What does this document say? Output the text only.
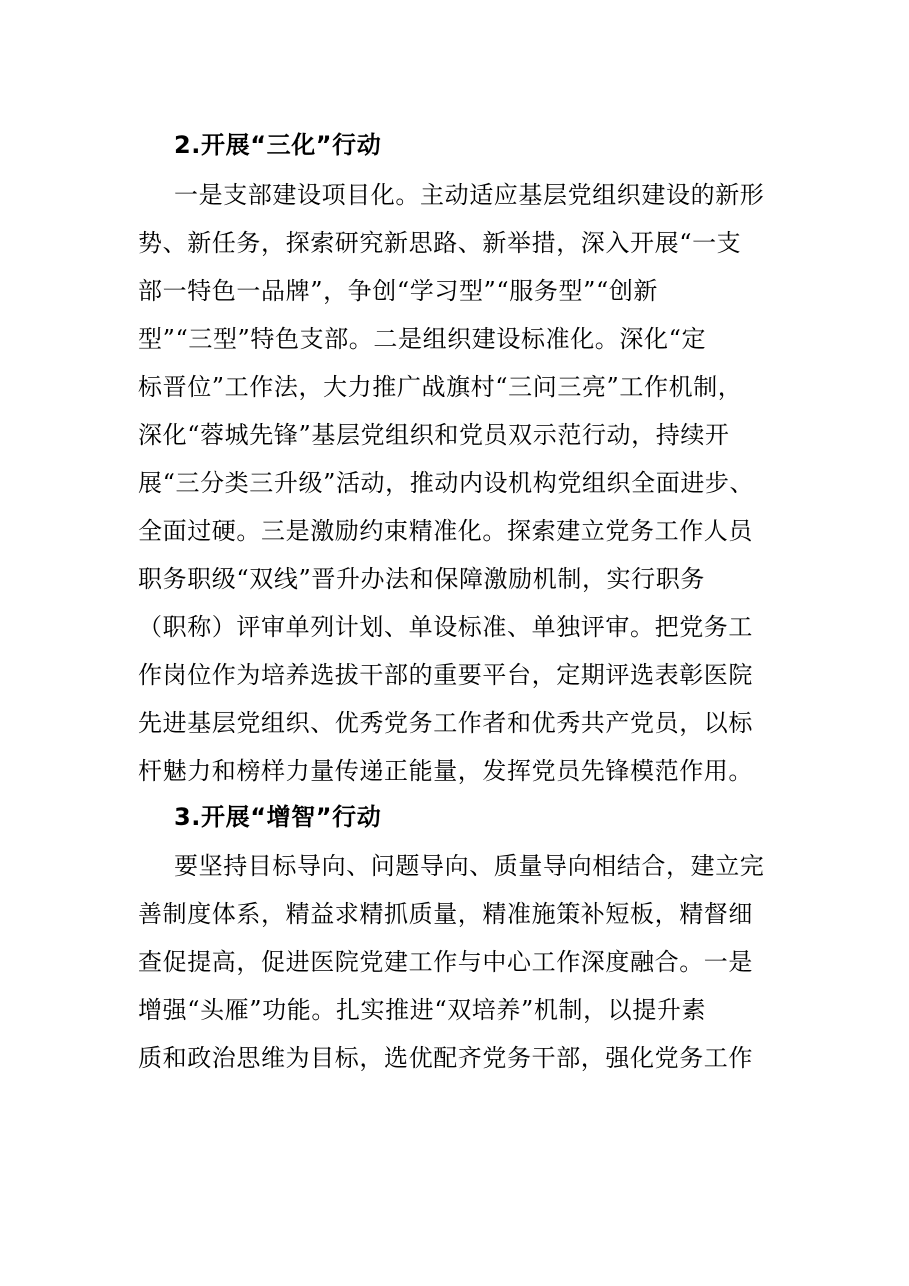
2.开展“三化”行动
一是支部建设项目化。主动适应基层党组织建设的新形
势、新任务，探索研究新思路、新举措，深入开展“一支
部一特色一品牌”，争创“学习型”“服务型”“创新
型”“三型”特色支部。二是组织建设标准化。深化“定
标晋位”工作法，大力推广战旗村“三问三亮”工作机制，
深化“蓉城先锋”基层党组织和党员双示范行动，持续开
展“三分类三升级”活动，推动内设机构党组织全面进步、
全面过硬。三是激励约束精准化。探索建立党务工作人员
职务职级“双线”晋升办法和保障激励机制，实行职务
（职称）评审单列计划、单设标准、单独评审。把党务工
作岗位作为培养选拔干部的重要平台，定期评选表彰医院
先进基层党组织、优秀党务工作者和优秀共产党员，以标
杆魅力和榜样力量传递正能量，发挥党员先锋模范作用。
3.开展“增智”行动
要坚持目标导向、问题导向、质量导向相结合，建立完
善制度体系，精益求精抓质量，精准施策补短板，精督细
查促提高，促进医院党建工作与中心工作深度融合。一是
增强“头雁”功能。扎实推进“双培养”机制，以提升素
质和政治思维为目标，选优配齐党务干部，强化党务工作
